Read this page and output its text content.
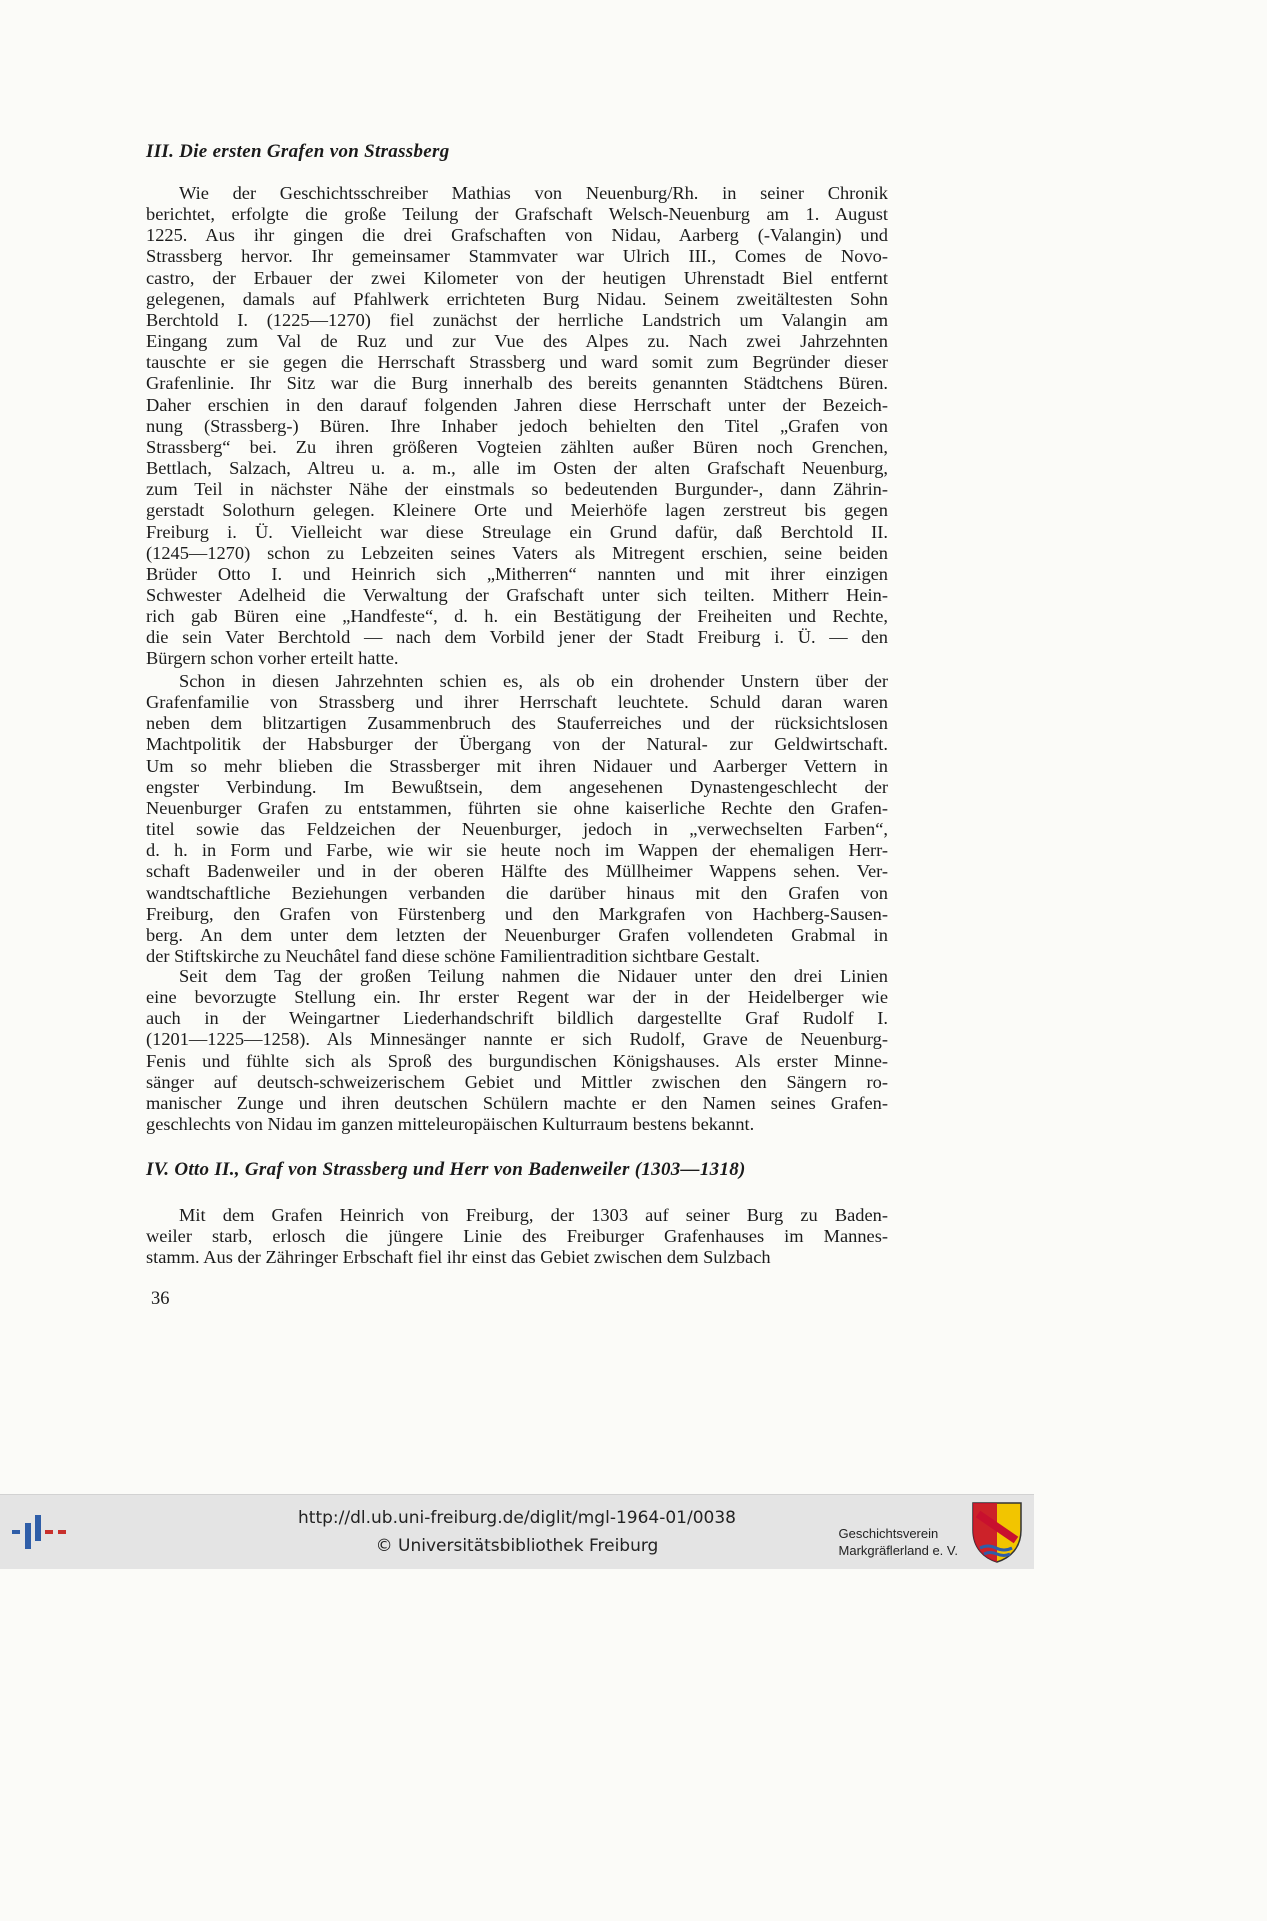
III. Die ersten Grafen von Strassberg
Wie der Geschichtsschreiber Mathias von Neuenburg/Rh. in seiner Chronik
berichtet, erfolgte die große Teilung der Grafschaft Welsch-Neuenburg am 1. August
1225. Aus ihr gingen die drei Grafschaften von Nidau, Aarberg (-Valangin) und
Strassberg hervor. Ihr gemeinsamer Stammvater war Ulrich III., Comes de Novo-
castro, der Erbauer der zwei Kilometer von der heutigen Uhrenstadt Biel entfernt
gelegenen, damals auf Pfahlwerk errichteten Burg Nidau. Seinem zweitältesten Sohn
Berchtold I. (1225—1270) fiel zunächst der herrliche Landstrich um Valangin am
Eingang zum Val de Ruz und zur Vue des Alpes zu. Nach zwei Jahrzehnten
tauschte er sie gegen die Herrschaft Strassberg und ward somit zum Begründer dieser
Grafenlinie. Ihr Sitz war die Burg innerhalb des bereits genannten Städtchens Büren.
Daher erschien in den darauf folgenden Jahren diese Herrschaft unter der Bezeich-
nung (Strassberg-) Büren. Ihre Inhaber jedoch behielten den Titel „Grafen von
Strassberg“ bei. Zu ihren größeren Vogteien zählten außer Büren noch Grenchen,
Bettlach, Salzach, Altreu u. a. m., alle im Osten der alten Grafschaft Neuenburg,
zum Teil in nächster Nähe der einstmals so bedeutenden Burgunder-, dann Zährin-
gerstadt Solothurn gelegen. Kleinere Orte und Meierhöfe lagen zerstreut bis gegen
Freiburg i. Ü. Vielleicht war diese Streulage ein Grund dafür, daß Berchtold II.
(1245—1270) schon zu Lebzeiten seines Vaters als Mitregent erschien, seine beiden
Brüder Otto I. und Heinrich sich „Mitherren“ nannten und mit ihrer einzigen
Schwester Adelheid die Verwaltung der Grafschaft unter sich teilten. Mitherr Hein-
rich gab Büren eine „Handfeste“, d. h. ein Bestätigung der Freiheiten und Rechte,
die sein Vater Berchtold — nach dem Vorbild jener der Stadt Freiburg i. Ü. — den
Bürgern schon vorher erteilt hatte.
Schon in diesen Jahrzehnten schien es, als ob ein drohender Unstern über der
Grafenfamilie von Strassberg und ihrer Herrschaft leuchtete. Schuld daran waren
neben dem blitzartigen Zusammenbruch des Stauferreiches und der rücksichtslosen
Machtpolitik der Habsburger der Übergang von der Natural- zur Geldwirtschaft.
Um so mehr blieben die Strassberger mit ihren Nidauer und Aarberger Vettern in
engster Verbindung. Im Bewußtsein, dem angesehenen Dynastengeschlecht der
Neuenburger Grafen zu entstammen, führten sie ohne kaiserliche Rechte den Grafen-
titel sowie das Feldzeichen der Neuenburger, jedoch in „verwechselten Farben“,
d. h. in Form und Farbe, wie wir sie heute noch im Wappen der ehemaligen Herr-
schaft Badenweiler und in der oberen Hälfte des Müllheimer Wappens sehen. Ver-
wandtschaftliche Beziehungen verbanden die darüber hinaus mit den Grafen von
Freiburg, den Grafen von Fürstenberg und den Markgrafen von Hachberg-Sausen-
berg. An dem unter dem letzten der Neuenburger Grafen vollendeten Grabmal in
der Stiftskirche zu Neuchâtel fand diese schöne Familientradition sichtbare Gestalt.
Seit dem Tag der großen Teilung nahmen die Nidauer unter den drei Linien
eine bevorzugte Stellung ein. Ihr erster Regent war der in der Heidelberger wie
auch in der Weingartner Liederhandschrift bildlich dargestellte Graf Rudolf I.
(1201—1225—1258). Als Minnesänger nannte er sich Rudolf, Grave de Neuenburg-
Fenis und fühlte sich als Sproß des burgundischen Königshauses. Als erster Minne-
sänger auf deutsch-schweizerischem Gebiet und Mittler zwischen den Sängern ro-
manischer Zunge und ihren deutschen Schülern machte er den Namen seines Grafen-
geschlechts von Nidau im ganzen mitteleuropäischen Kulturraum bestens bekannt.
IV. Otto II., Graf von Strassberg und Herr von Badenweiler (1303—1318)
Mit dem Grafen Heinrich von Freiburg, der 1303 auf seiner Burg zu Baden-
weiler starb, erlosch die jüngere Linie des Freiburger Grafenhauses im Mannes-
stamm. Aus der Zähringer Erbschaft fiel ihr einst das Gebiet zwischen dem Sulzbach

36

http://dl.ub.uni-freiburg.de/diglit/mgl-1964-01/0038
© Universitätsbibliothek Freiburg
Geschichtsverein
Markgräflerland e. V.
